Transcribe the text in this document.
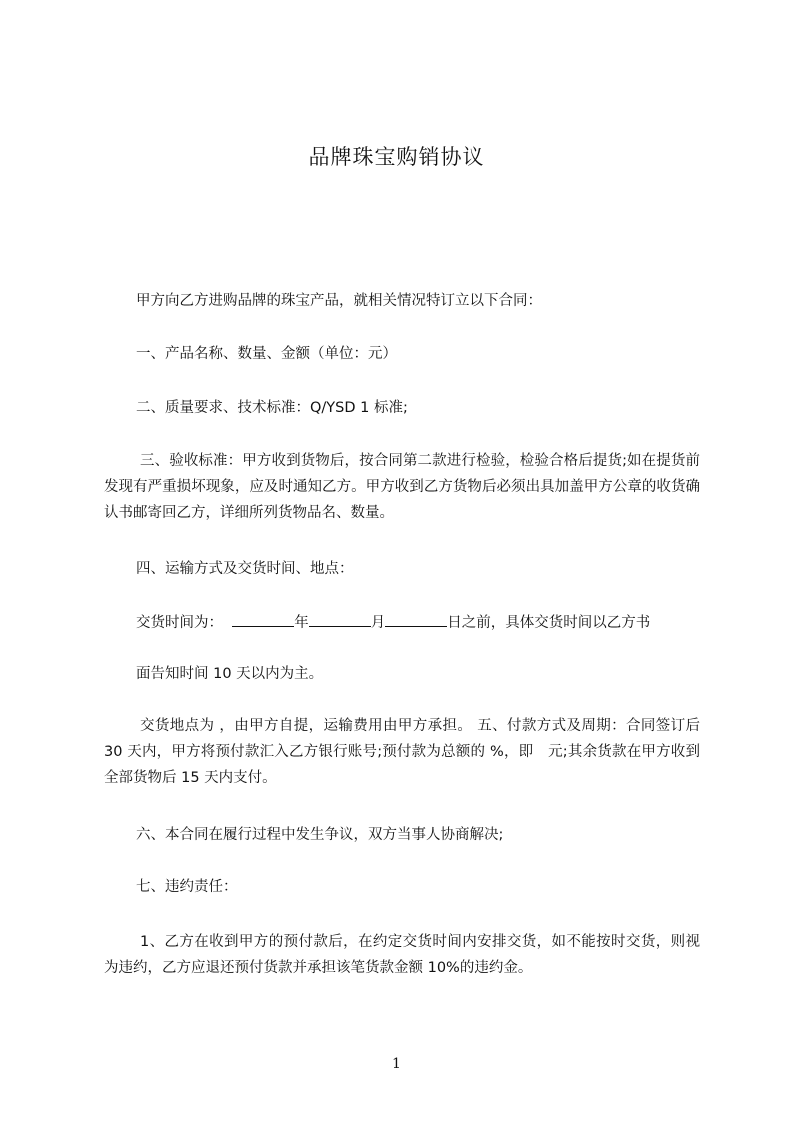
品牌珠宝购销协议

甲方向乙方进购品牌的珠宝产品，就相关情况特订立以下合同：

一、产品名称、数量、金额（单位：元）

二、质量要求、技术标准：Q/YSD 1 标准;

三、验收标准：甲方收到货物后，按合同第二款进行检验，检验合格后提货;如在提货前发现有严重损坏现象，应及时通知乙方。甲方收到乙方货物后必须出具加盖甲方公章的收货确认书邮寄回乙方，详细所列货物品名、数量。

四、运输方式及交货时间、地点：

交货时间为：	年	月	日之前，具体交货时间以乙方书

面告知时间 10 天以内为主。

交货地点为 ，由甲方自提，运输费用由甲方承担。 五、付款方式及周期：合同签订后 30 天内，甲方将预付款汇入乙方银行账号;预付款为总额的 %，即　元;其余货款在甲方收到全部货物后 15 天内支付。

六、本合同在履行过程中发生争议，双方当事人协商解决;

七、违约责任：

1、乙方在收到甲方的预付款后，在约定交货时间内安排交货，如不能按时交货，则视为违约，乙方应退还预付货款并承担该笔货款金额 10%的违约金。

1
